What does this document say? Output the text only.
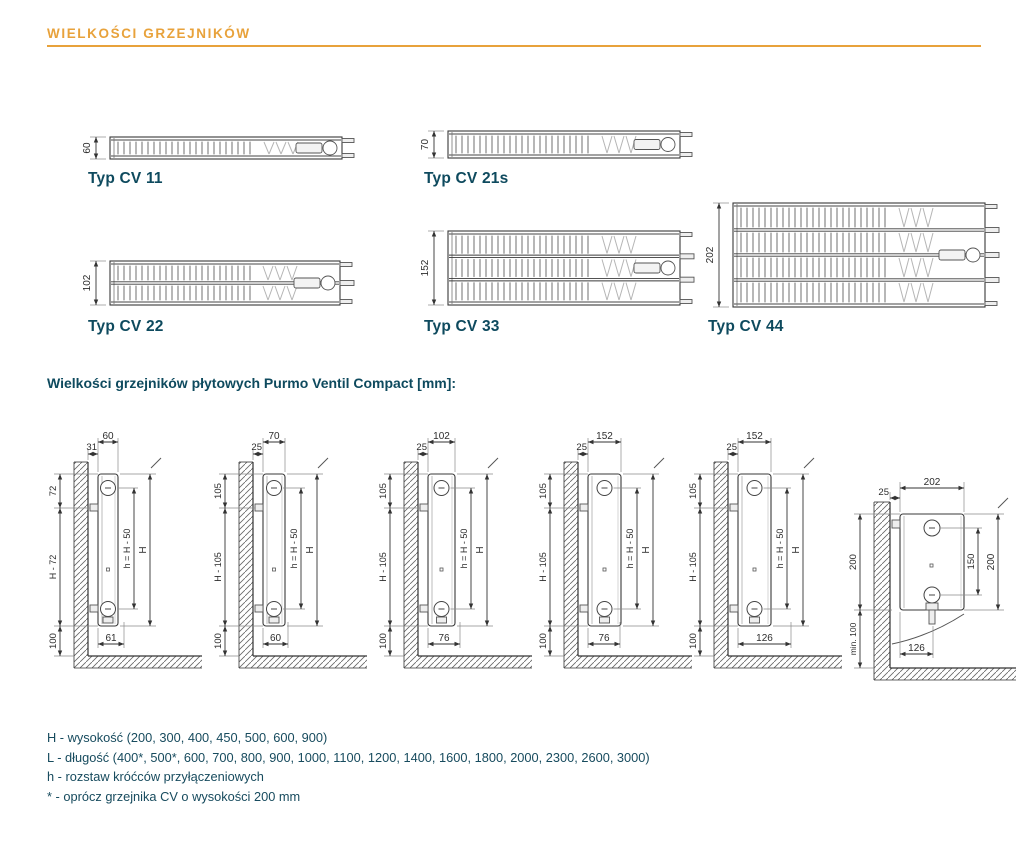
WIELKOŚCI GRZEJNIKÓW
60	70
102
152
202
Typ CV 11	Typ CV 21s
Typ CV 22	Typ CV 33	Typ CV 44
Wielkości grzejników płytowych Purmo Ventil Compact [mm]:
60
31
72
H - 72
100
h = H - 50 H
61
70
25
105
H - 105
100
h = H - 50 H
60
102
25
105
H - 105
100
h = H - 50 H
76
152
25
105
H - 105
100
h = H - 50 H
76
152
25
105
H - 105
100
h = H - 50 H
126
202
25
150 200
200
min. 100	126
H - wysokość (200, 300, 400, 450, 500, 600, 900)
L - długość (400*, 500*, 600, 700, 800, 900, 1000, 1100, 1200, 1400, 1600, 1800, 2000, 2300, 2600, 3000)
h - rozstaw króćców przyłączeniowych
* - oprócz grzejnika CV o wysokości 200 mm
